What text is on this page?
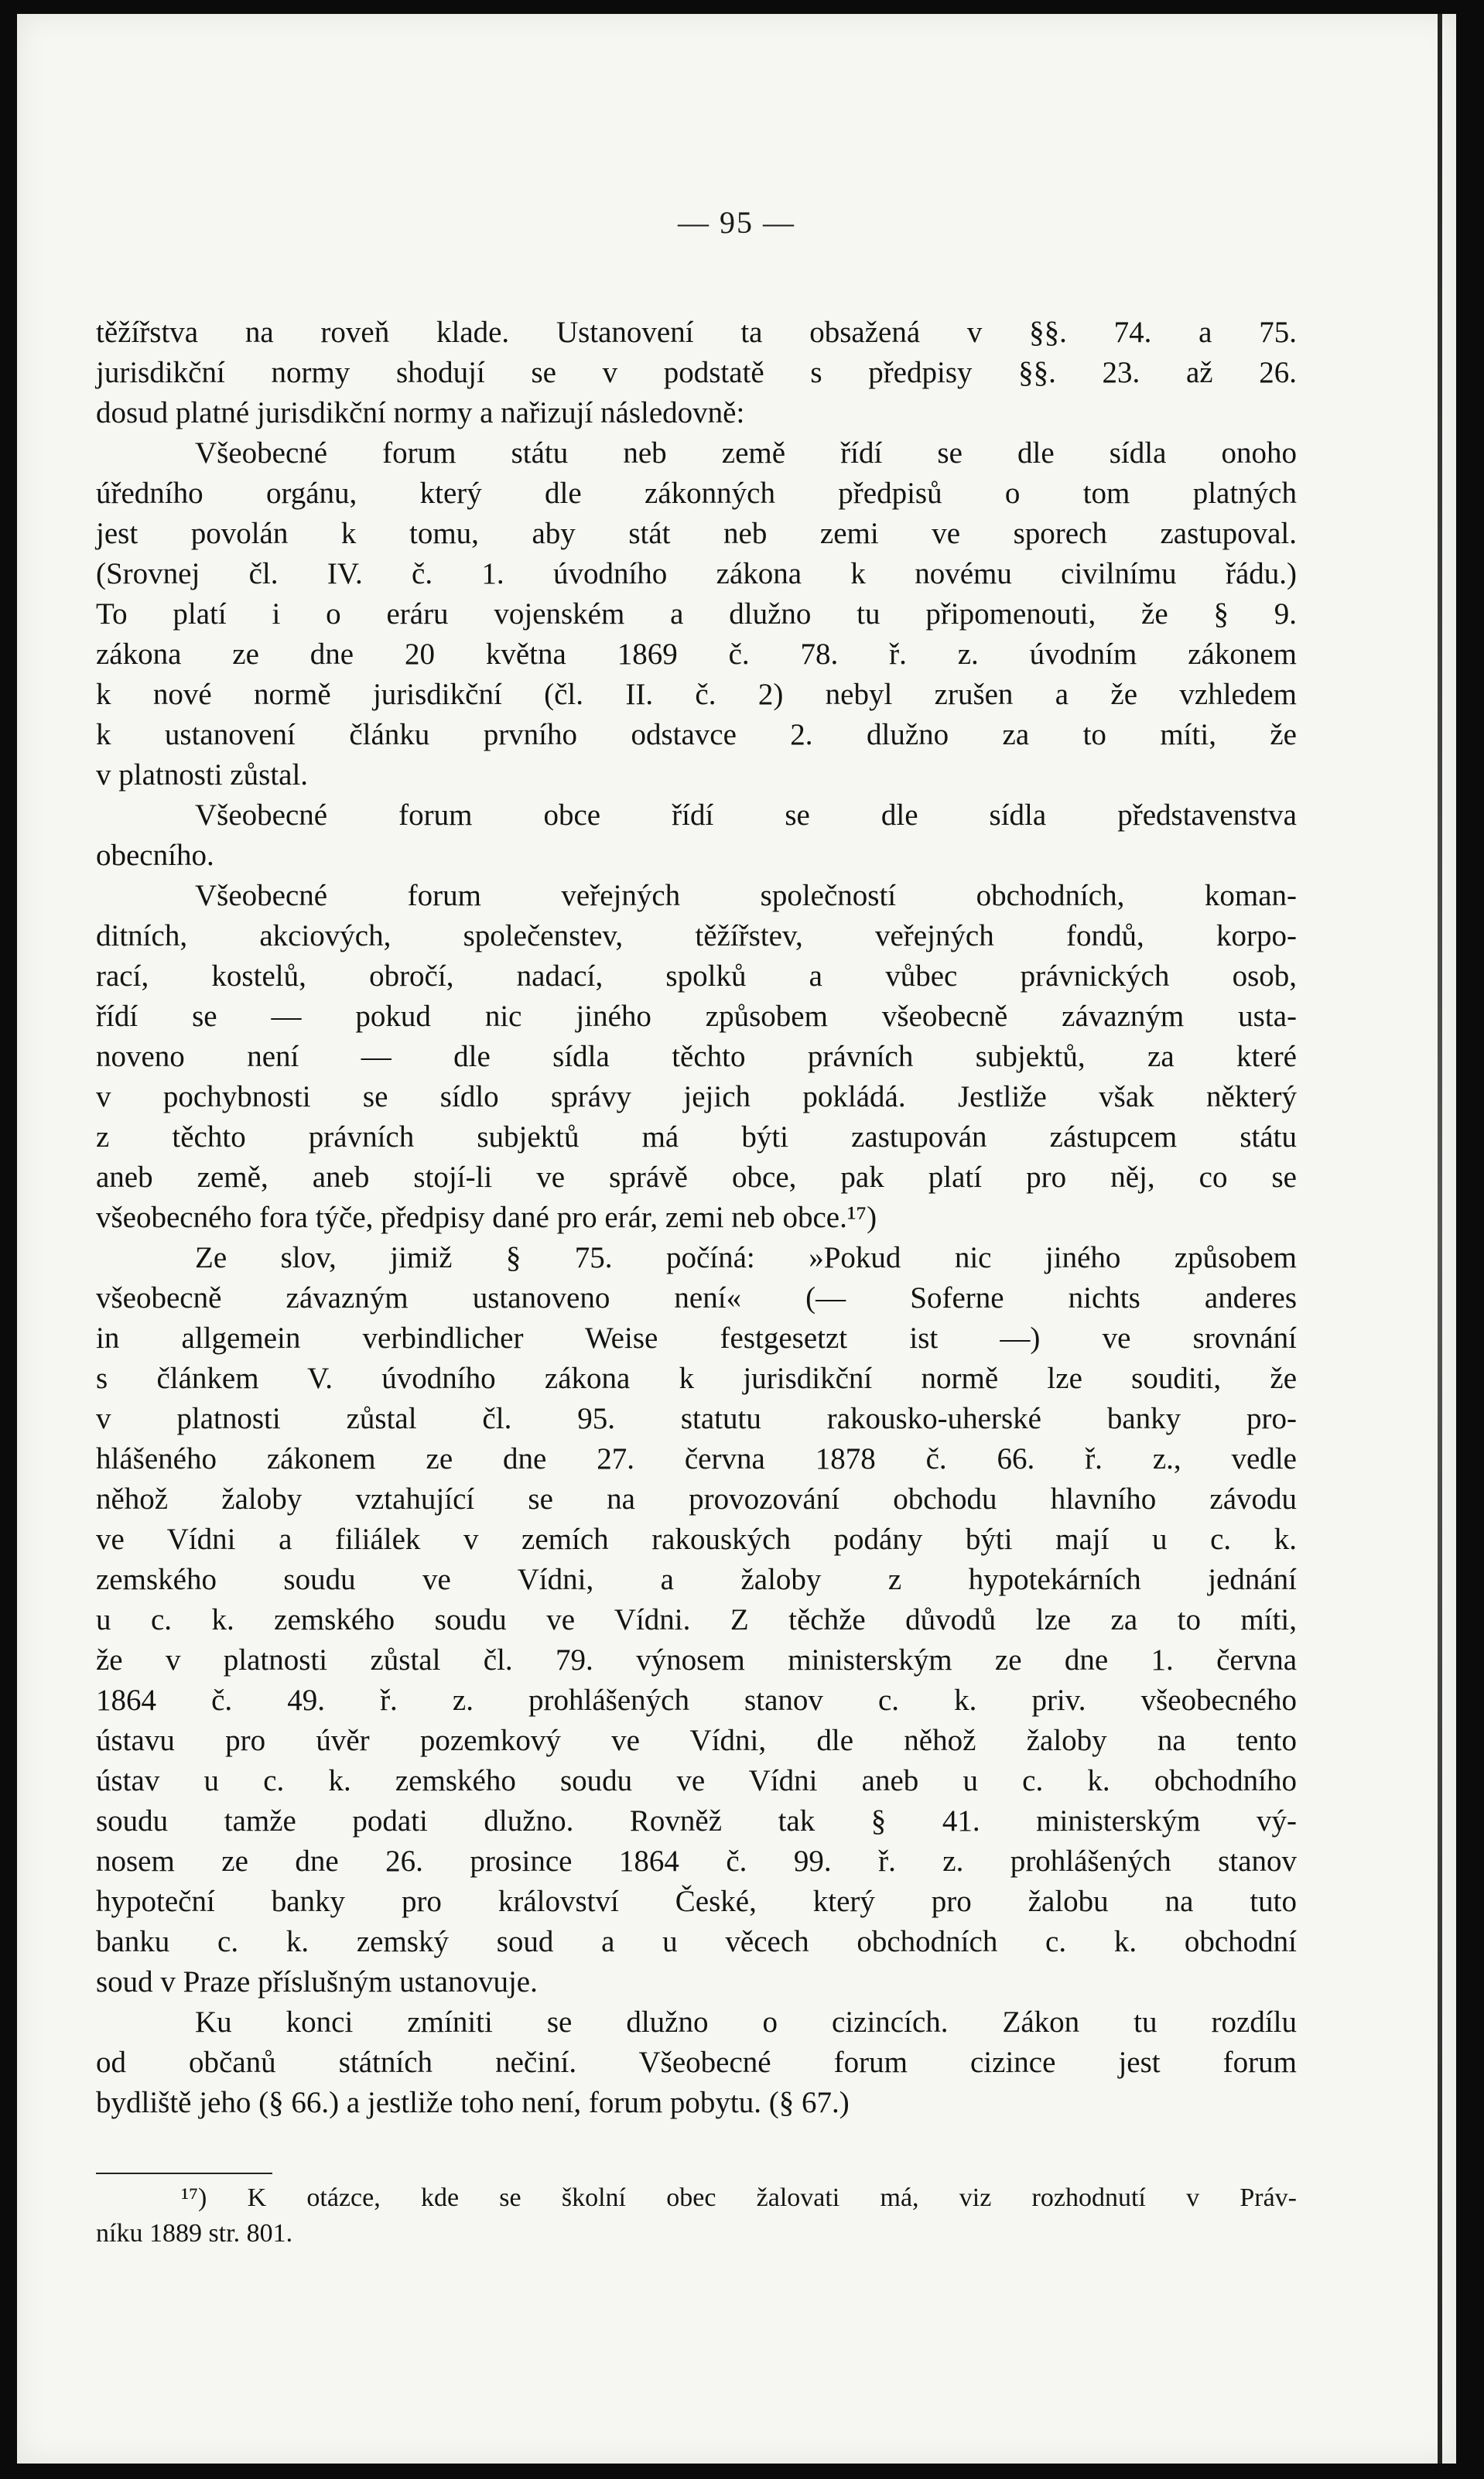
— 95 —
těžířstva na roveň klade. Ustanovení ta obsažená v §§. 74. a 75.
jurisdikční normy shodují se v podstatě s předpisy §§. 23. až 26.
dosud platné jurisdikční normy a nařizují následovně:
Všeobecné forum státu neb země řídí se dle sídla onoho
úředního orgánu, který dle zákonných předpisů o tom platných
jest povolán k tomu, aby stát neb zemi ve sporech zastupoval.
(Srovnej čl. IV. č. 1. úvodního zákona k novému civilnímu řádu.)
To platí i o eráru vojenském a dlužno tu připomenouti, že § 9.
zákona ze dne 20 května 1869 č. 78. ř. z. úvodním zákonem
k nové normě jurisdikční (čl. II. č. 2) nebyl zrušen a že vzhledem
k ustanovení článku prvního odstavce 2. dlužno za to míti, že
v platnosti zůstal.
Všeobecné forum obce řídí se dle sídla představenstva
obecního.
Všeobecné forum veřejných společností obchodních, koman-
ditních, akciových, společenstev, těžířstev, veřejných fondů, korpo-
rací, kostelů, obročí, nadací, spolků a vůbec právnických osob,
řídí se — pokud nic jiného způsobem všeobecně závazným usta-
noveno není — dle sídla těchto právních subjektů, za které
v pochybnosti se sídlo správy jejich pokládá. Jestliže však některý
z těchto právních subjektů má býti zastupován zástupcem státu
aneb země, aneb stojí-li ve správě obce, pak platí pro něj, co se
všeobecného fora týče, předpisy dané pro erár, zemi neb obce.¹⁷)
Ze slov, jimiž § 75. počíná: »Pokud nic jiného způsobem
všeobecně závazným ustanoveno není« (— Soferne nichts anderes
in allgemein verbindlicher Weise festgesetzt ist —) ve srovnání
s článkem V. úvodního zákona k jurisdikční normě lze souditi, že
v platnosti zůstal čl. 95. statutu rakousko-uherské banky pro-
hlášeného zákonem ze dne 27. června 1878 č. 66. ř. z., vedle
něhož žaloby vztahující se na provozování obchodu hlavního závodu
ve Vídni a filiálek v zemích rakouských podány býti mají u c. k.
zemského soudu ve Vídni, a žaloby z hypotekárních jednání
u c. k. zemského soudu ve Vídni. Z těchže důvodů lze za to míti,
že v platnosti zůstal čl. 79. výnosem ministerským ze dne 1. června
1864 č. 49. ř. z. prohlášených stanov c. k. priv. všeobecného
ústavu pro úvěr pozemkový ve Vídni, dle něhož žaloby na tento
ústav u c. k. zemského soudu ve Vídni aneb u c. k. obchodního
soudu tamže podati dlužno. Rovněž tak § 41. ministerským vý-
nosem ze dne 26. prosince 1864 č. 99. ř. z. prohlášených stanov
hypoteční banky pro království České, který pro žalobu na tuto
banku c. k. zemský soud a u věcech obchodních c. k. obchodní
soud v Praze příslušným ustanovuje.
Ku konci zmíniti se dlužno o cizincích. Zákon tu rozdílu
od občanů státních nečiní. Všeobecné forum cizince jest forum
bydliště jeho (§ 66.) a jestliže toho není, forum pobytu. (§ 67.)
¹⁷) K otázce, kde se školní obec žalovati má, viz rozhodnutí v Práv-
níku 1889 str. 801.
